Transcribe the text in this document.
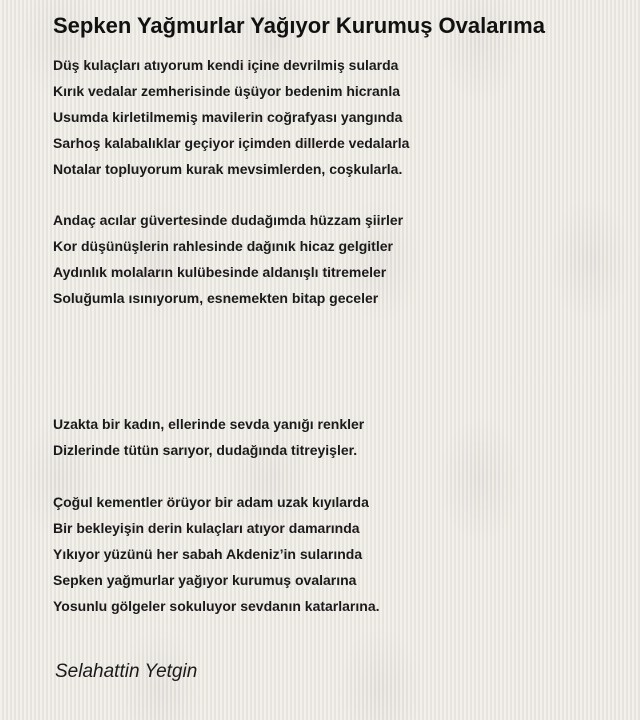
Sepken Yağmurlar Yağıyor Kurumuş Ovalarıma

Düş kulaçları atıyorum kendi içine devrilmiş sularda
Kırık vedalar zemherisinde üşüyor bedenim hicranla
Usumda kirletilmemiş mavilerin coğrafyası yangında
Sarhoş kalabalıklar geçiyor içimden dillerde vedalarla
Notalar topluyorum kurak mevsimlerden, coşkularla.

Andaç acılar güvertesinde dudağımda hüzzam şiirler
Kor düşünüşlerin rahlesinde dağınık hicaz gelgitler
Aydınlık molaların kulübesinde aldanışlı titremeler
Soluğumla ısınıyorum, esnemekten bitap geceler

Uzakta bir kadın, ellerinde sevda yanığı renkler
Dizlerinde tütün sarıyor, dudağında titreyişler.

Çoğul kementler örüyor bir adam uzak kıyılarda
Bir bekleyişin derin kulaçları atıyor damarında
Yıkıyor yüzünü her sabah Akdeniz’in sularında
Sepken yağmurlar yağıyor kurumuş ovalarına
Yosunlu gölgeler sokuluyor sevdanın katarlarına.

Selahattin Yetgin
